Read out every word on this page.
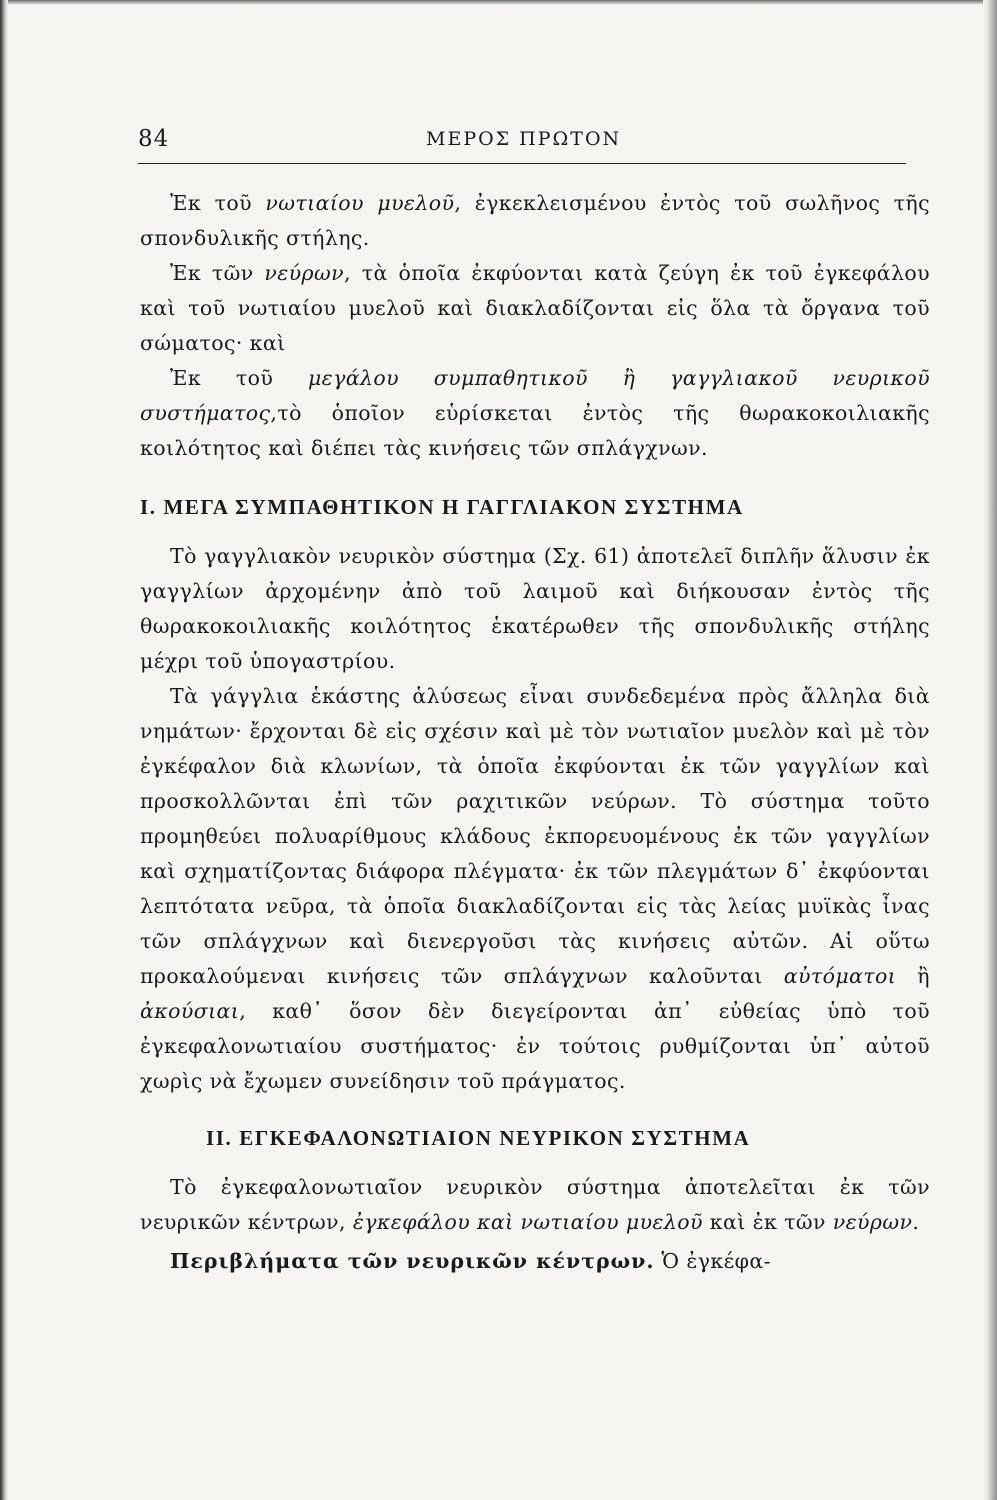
84	ΜΕΡΟΣ ΠΡΩΤΟΝ

Ἐκ τοῦ νωτιαίου μυελοῦ, ἐγκεκλεισμένου ἐντὸς τοῦ σωλῆνος τῆς σπονδυλικῆς στήλης.

Ἐκ τῶν νεύρων, τὰ ὁποῖα ἐκφύονται κατὰ ζεύγη ἐκ τοῦ ἐγκεφάλου καὶ τοῦ νωτιαίου μυελοῦ καὶ διακλαδίζονται εἰς ὅλα τὰ ὄργανα τοῦ σώματος· καὶ

Ἐκ τοῦ μεγάλου συμπαθητικοῦ ἢ γαγγλιακοῦ νευρικοῦ συστήματος,τὸ ὁποῖον εὑρίσκεται ἐντὸς τῆς θωρακοκοιλιακῆς κοιλότητος καὶ διέπει τὰς κινήσεις τῶν σπλάγχνων.

I. ΜΕΓΑ ΣΥΜΠΑΘΗΤΙΚΟΝ Η ΓΑΓΓΛΙΑΚΟΝ ΣΥΣΤΗΜΑ

Τὸ γαγγλιακὸν νευρικὸν σύστημα (Σχ. 61) ἀποτελεῖ διπλῆν ἅλυσιν ἐκ γαγγλίων ἀρχομένην ἀπὸ τοῦ λαιμοῦ καὶ διήκουσαν ἐντὸς τῆς θωρακοκοιλιακῆς κοιλότητος ἑκατέρωθεν τῆς σπονδυλικῆς στήλης μέχρι τοῦ ὑπογαστρίου.

Τὰ γάγγλια ἑκάστης ἁλύσεως εἶναι συνδεδεμένα πρὸς ἄλληλα διὰ νημάτων· ἔρχονται δὲ εἰς σχέσιν καὶ μὲ τὸν νωτιαῖον μυελὸν καὶ μὲ τὸν ἐγκέφαλον διὰ κλωνίων, τὰ ὁποῖα ἐκφύονται ἐκ τῶν γαγγλίων καὶ προσκολλῶνται ἐπὶ τῶν ραχιτικῶν νεύρων. Τὸ σύστημα τοῦτο προμηθεύει πολυαρίθμους κλάδους ἐκπορευομένους ἐκ τῶν γαγγλίων καὶ σχηματίζοντας διάφορα πλέγματα· ἐκ τῶν πλεγμάτων δ᾽ ἐκφύονται λεπτότατα νεῦρα, τὰ ὁποῖα διακλαδίζονται εἰς τὰς λείας μυϊκὰς ἶνας τῶν σπλάγχνων καὶ διενεργοῦσι τὰς κινήσεις αὐτῶν. Αἱ οὕτω προκαλούμεναι κινήσεις τῶν σπλάγχνων καλοῦνται αὐτόματοι ἢ ἀκούσιαι, καθ᾽ ὅσον δὲν διεγείρονται ἀπ᾽ εὐθείας ὑπὸ τοῦ ἐγκεφαλονωτιαίου συστήματος· ἐν τούτοις ρυθμίζονται ὑπ᾽ αὐτοῦ χωρὶς νὰ ἔχωμεν συνείδησιν τοῦ πράγματος.

II. ΕΓΚΕΦΑΛΟΝΩΤΙΑΙΟΝ ΝΕΥΡΙΚΟΝ ΣΥΣΤΗΜΑ

Τὸ ἐγκεφαλονωτιαῖον νευρικὸν σύστημα ἀποτελεῖται ἐκ τῶν νευρικῶν κέντρων, ἐγκεφάλου καὶ νωτιαίου μυελοῦ καὶ ἐκ τῶν νεύρων.

Περιβλήματα τῶν νευρικῶν κέντρων. Ὁ ἐγκέφα-
